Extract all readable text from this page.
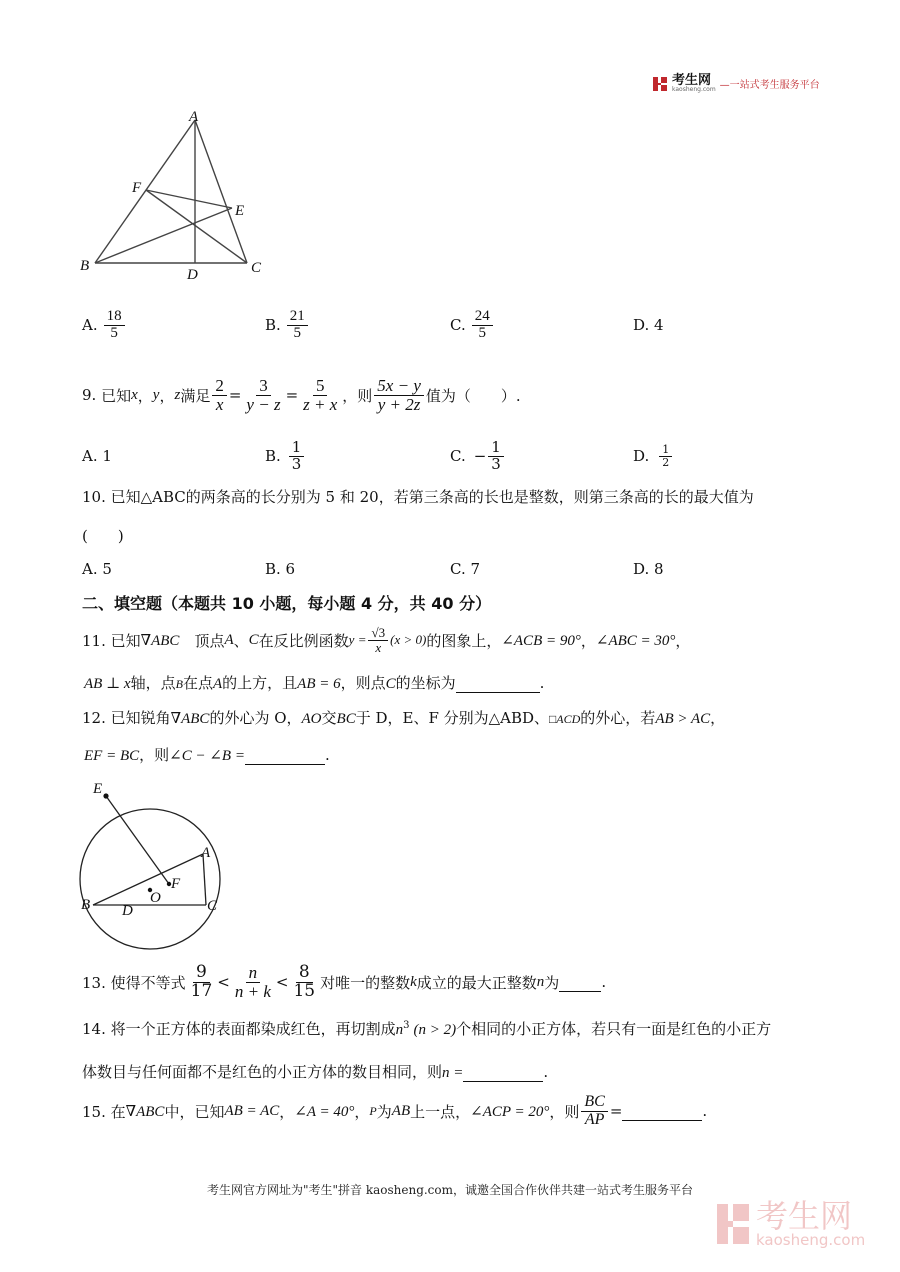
考生网
kaosheng.com —一站式考生服务平台
A
B	C
D
E
F
A. $\frac{18}{5}$	B. $\frac{21}{5}$	C. $\frac{24}{5}$	D. 4
9.
已知 x ， y ， z 满足 $\frac{2}{x} = \frac{3}{y - z} = \frac{5}{z + x}$ ，则 $\frac{5x - y}{y + 2z}$ 值为（　　）.
A. 1	B. $\frac{1}{3}$	C. − $\frac{1}{3}$	D. $\frac{1}{2}$
10. 已知△ABC的两条高的长分别为 5 和 20，若第三条高的长也是整数，则第三条高的长的最大值为
(　　)
A. 5	B. 6	C. 7	D. 8
二、填空题（本题共 10 小题，每小题 4 分，共 40 分）
11. 已知 ∇ABC 　顶点 A 、 C 在反比例函数 $y = \frac{√3}{x} (x > 0)$ 的图象上， ∠ACB = 90° ， ∠ABC = 30° ，
AB ⊥ x轴，点B在点A的上方，且AB = 6，则点C的坐标为	.
12. 已知锐角∇ABC的外心为 O，AO交BC于 D，E、F 分别为△ABD、□ACD的外心，若AB > AC，
EF = BC，则∠C − ∠B =	.
E
A
F
O
B D	C
13. 使得不等式 $\frac{9}{17} < \frac{n}{n + k} < \frac{8}{15}$ 对唯一的整数 k 成立的最大正整数 n 为
	.
14. 将一个正方体的表面都染成红色，再切割成$n^3$ (n > 2)个相同的小正方体，若只有一面是红色的小正方
体数目与任何面都不是红色的小正方体的数目相同，则n =	.
15. 在 ∇ABC 中，已知 AB = AC ， ∠A = 40° ， P 为 AB 上一点， ∠ACP = 20° ，则 $\frac{BC}{AP}$ =
	.
考生网官方网址为"考生"拼音 kaosheng.com，诚邀全国合作伙伴共建一站式考生服务平台
考生网
kaosheng.com
